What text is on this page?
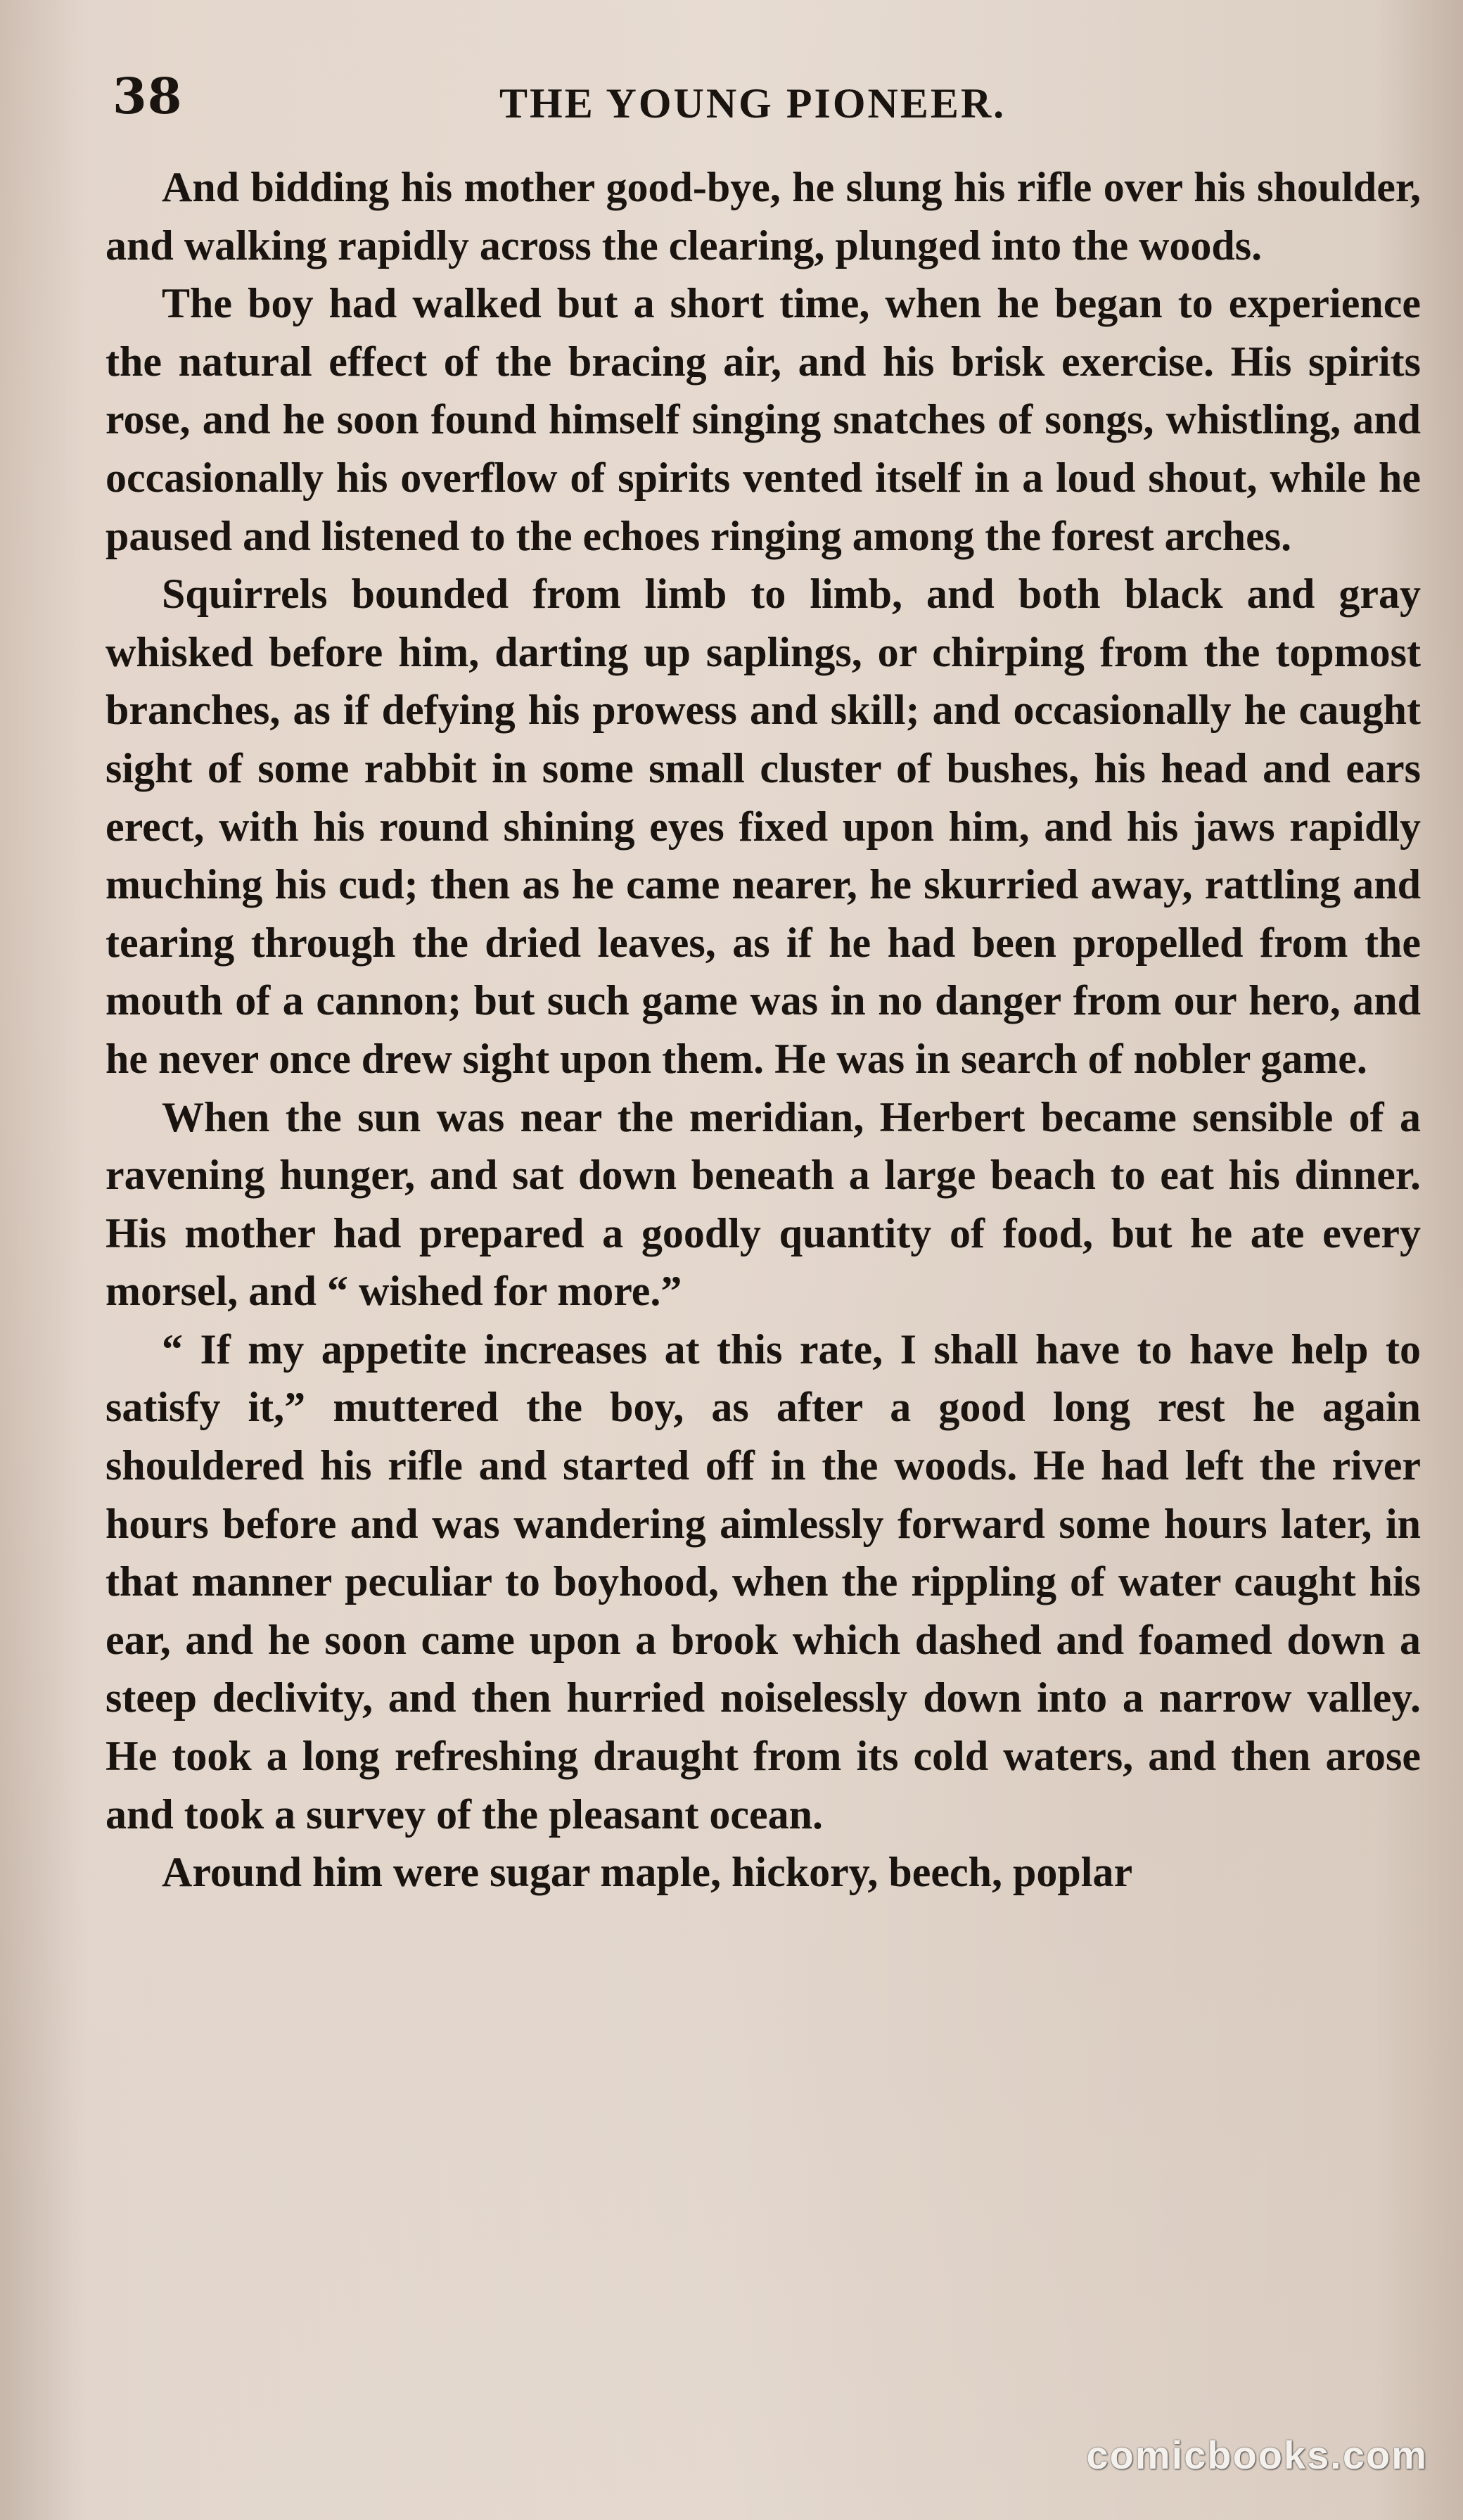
38	THE YOUNG PIONEER.

And bidding his mother good-bye, he slung his rifle over his shoulder, and walking rapidly across the clearing, plunged into the woods.

The boy had walked but a short time, when he began to experience the natural effect of the bracing air, and his brisk exercise. His spirits rose, and he soon found himself singing snatches of songs, whistling, and occasionally his overflow of spirits vented itself in a loud shout, while he paused and listened to the echoes ringing among the forest arches.

Squirrels bounded from limb to limb, and both black and gray whisked before him, darting up saplings, or chirping from the topmost branches, as if defying his prowess and skill; and occasionally he caught sight of some rabbit in some small cluster of bushes, his head and ears erect, with his round shining eyes fixed upon him, and his jaws rapidly muching his cud; then as he came nearer, he skurried away, rattling and tearing through the dried leaves, as if he had been propelled from the mouth of a cannon; but such game was in no danger from our hero, and he never once drew sight upon them. He was in search of nobler game.

When the sun was near the meridian, Herbert became sensible of a ravening hunger, and sat down beneath a large beach to eat his dinner. His mother had prepared a goodly quantity of food, but he ate every morsel, and “ wished for more.”

“ If my appetite increases at this rate, I shall have to have help to satisfy it,” muttered the boy, as after a good long rest he again shouldered his rifle and started off in the woods. He had left the river hours before and was wandering aimlessly forward some hours later, in that manner peculiar to boyhood, when the rippling of water caught his ear, and he soon came upon a brook which dashed and foamed down a steep declivity, and then hurried noiselessly down into a narrow valley. He took a long refreshing draught from its cold waters, and then arose and took a survey of the pleasant ocean.

Around him were sugar maple, hickory, beech, poplar

comicbooks.com
